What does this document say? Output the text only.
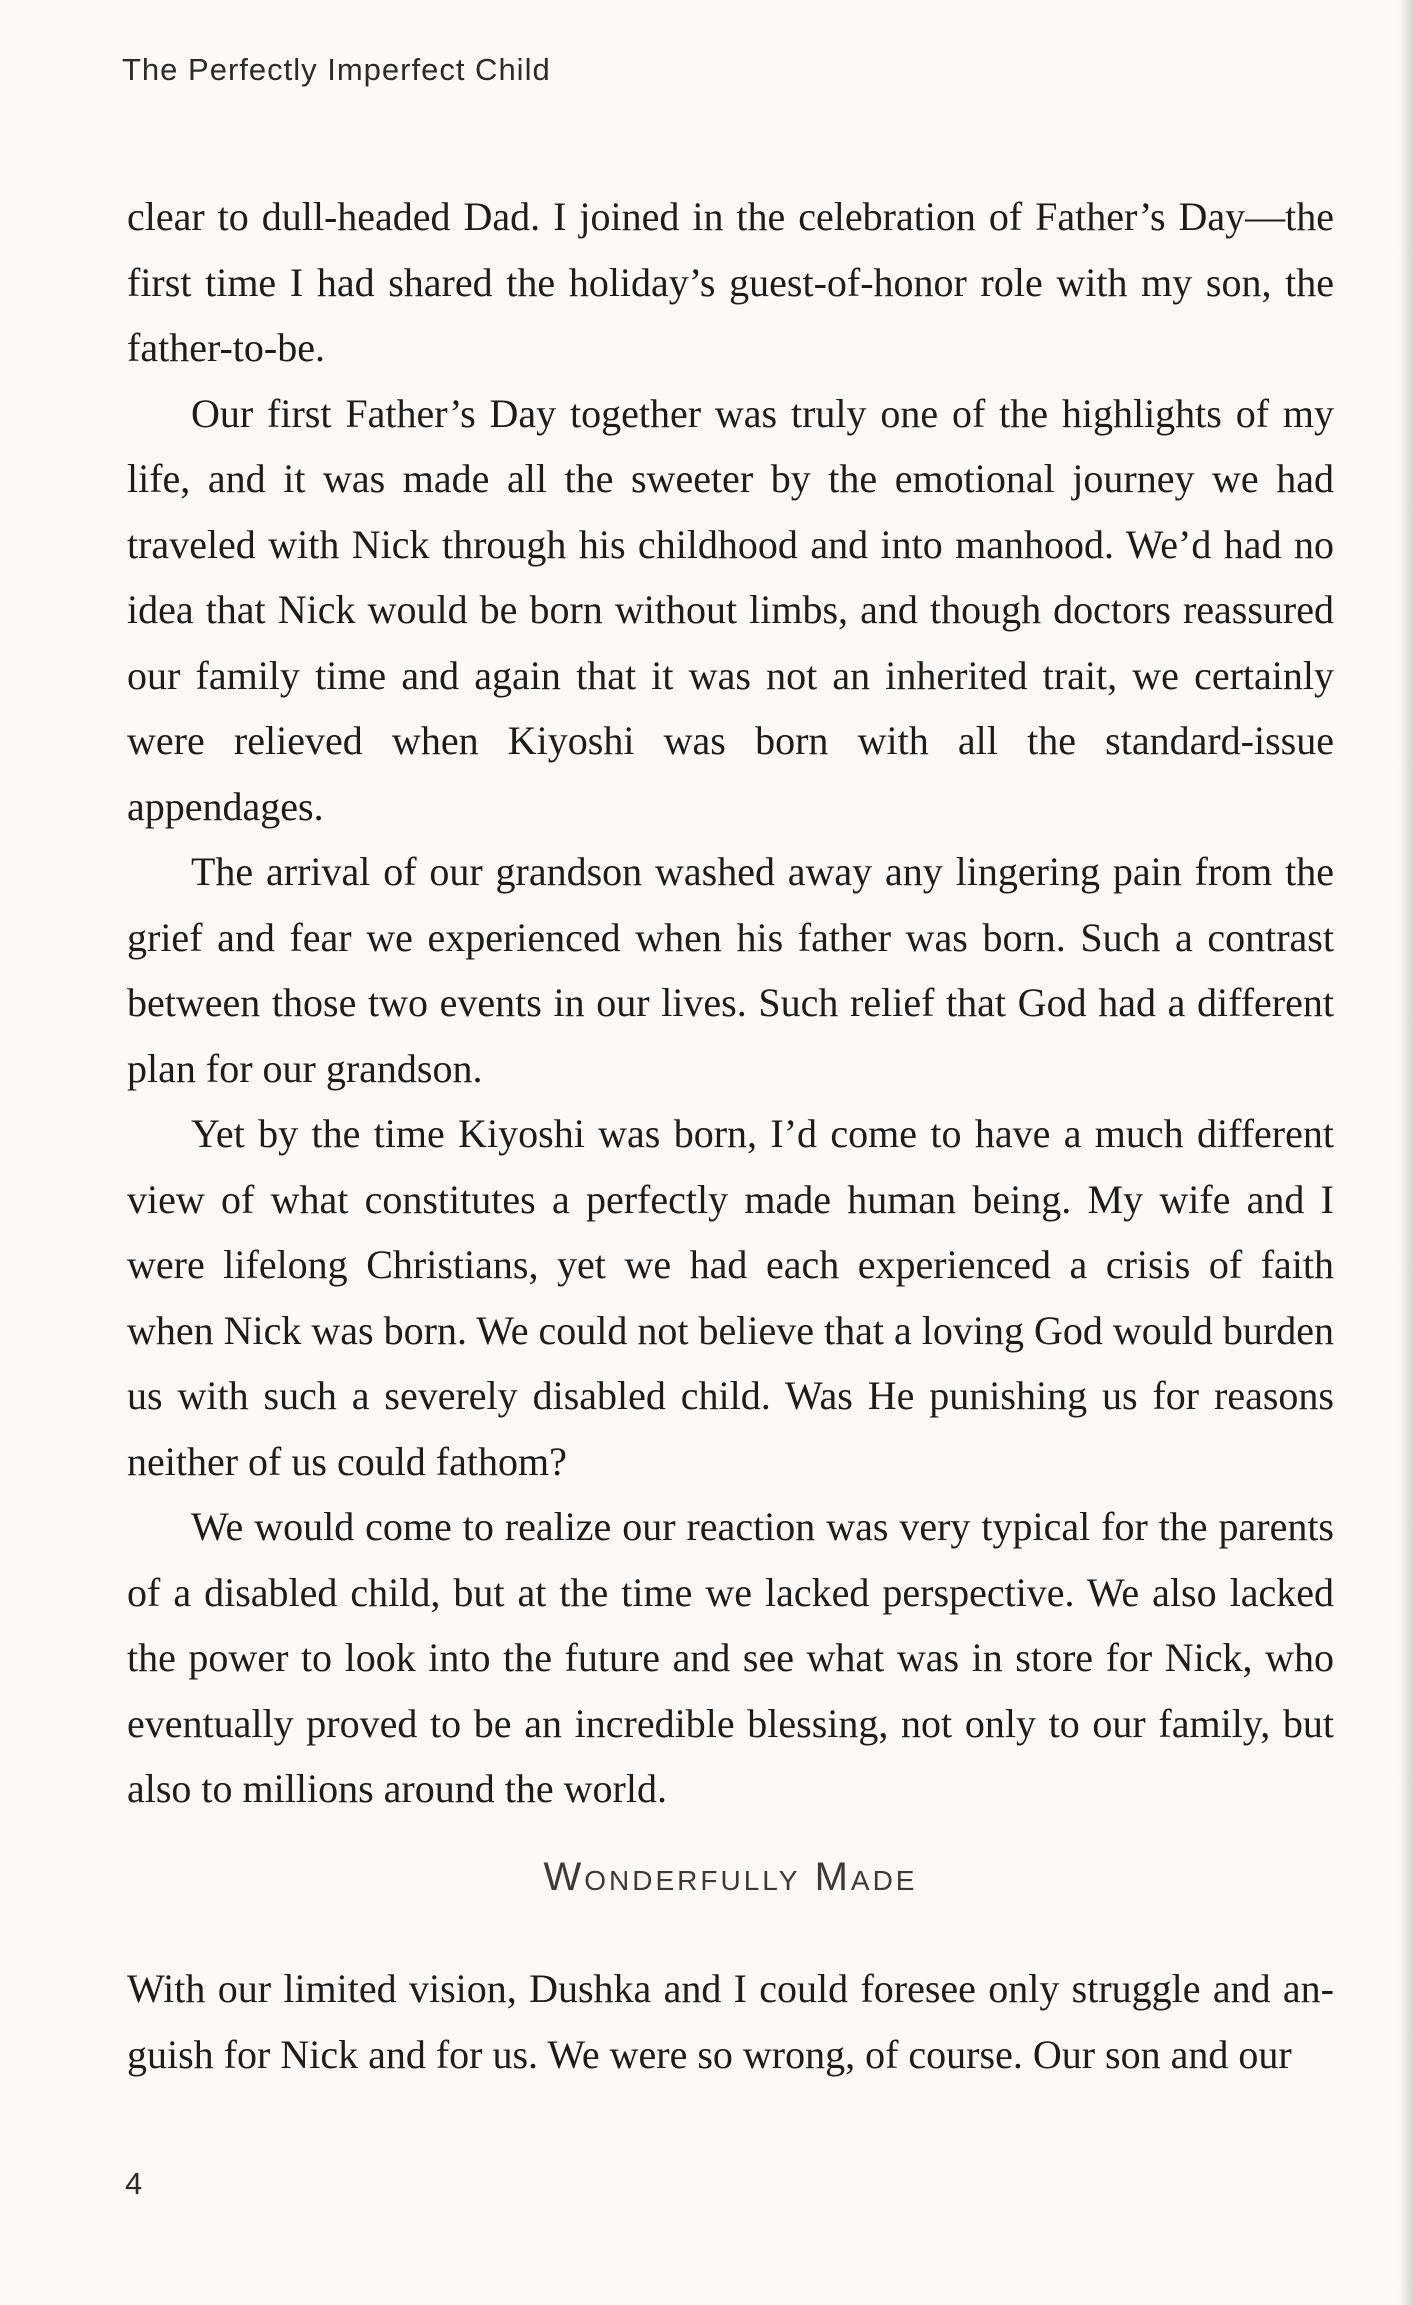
The Perfectly Imperfect Child

clear to dull-headed Dad. I joined in the celebration of Father’s Day—the first time I had shared the holiday’s guest-of-honor role with my son, the father-to-be.

Our first Father’s Day together was truly one of the highlights of my life, and it was made all the sweeter by the emotional journey we had traveled with Nick through his childhood and into manhood. We’d had no idea that Nick would be born without limbs, and though doctors reassured our family time and again that it was not an inherited trait, we certainly were relieved when Kiyoshi was born with all the standard-issue appendages.

The arrival of our grandson washed away any lingering pain from the grief and fear we experienced when his father was born. Such a contrast between those two events in our lives. Such relief that God had a different plan for our grandson.

Yet by the time Kiyoshi was born, I’d come to have a much different view of what constitutes a perfectly made human being. My wife and I were lifelong Christians, yet we had each experienced a crisis of faith when Nick was born. We could not believe that a loving God would burden us with such a severely disabled child. Was He punishing us for reasons neither of us could fathom?

We would come to realize our reaction was very typical for the parents of a disabled child, but at the time we lacked perspective. We also lacked the power to look into the future and see what was in store for Nick, who eventually proved to be an incredible blessing, not only to our family, but also to millions around the world.

Wonderfully Made

With our limited vision, Dushka and I could foresee only struggle and anguish for Nick and for us. We were so wrong, of course. Our son and our

4
